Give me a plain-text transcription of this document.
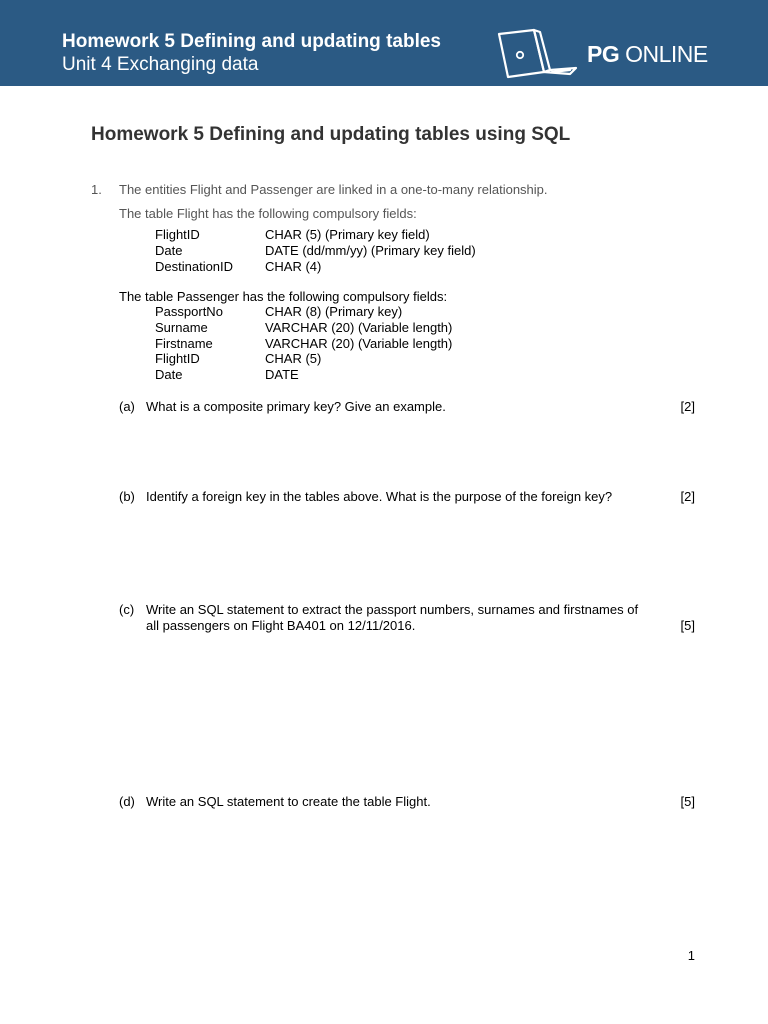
Homework 5 Defining and updating tables
Unit 4 Exchanging data	PG ONLINE
Homework 5 Defining and updating tables using SQL
1. The entities Flight and Passenger are linked in a one-to-many relationship.
The table Flight has the following compulsory fields:
FlightID	CHAR (5) (Primary key field)
Date	DATE (dd/mm/yy) (Primary key field)
DestinationID CHAR (4)
The table Passenger has the following compulsory fields:
PassportNo	CHAR (8) (Primary key)
Surname	VARCHAR (20) (Variable length)
Firstname	VARCHAR (20) (Variable length)
FlightID	CHAR (5)
Date	DATE
(a) What is a composite primary key? Give an example.	[2]
(b) Identify a foreign key in the tables above. What is the purpose of the foreign key?	[2]
(c) Write an SQL statement to extract the passport numbers, surnames and firstnames of
all passengers on Flight BA401 on 12/11/2016.	[5]
(d) Write an SQL statement to create the table Flight.	[5]
1
